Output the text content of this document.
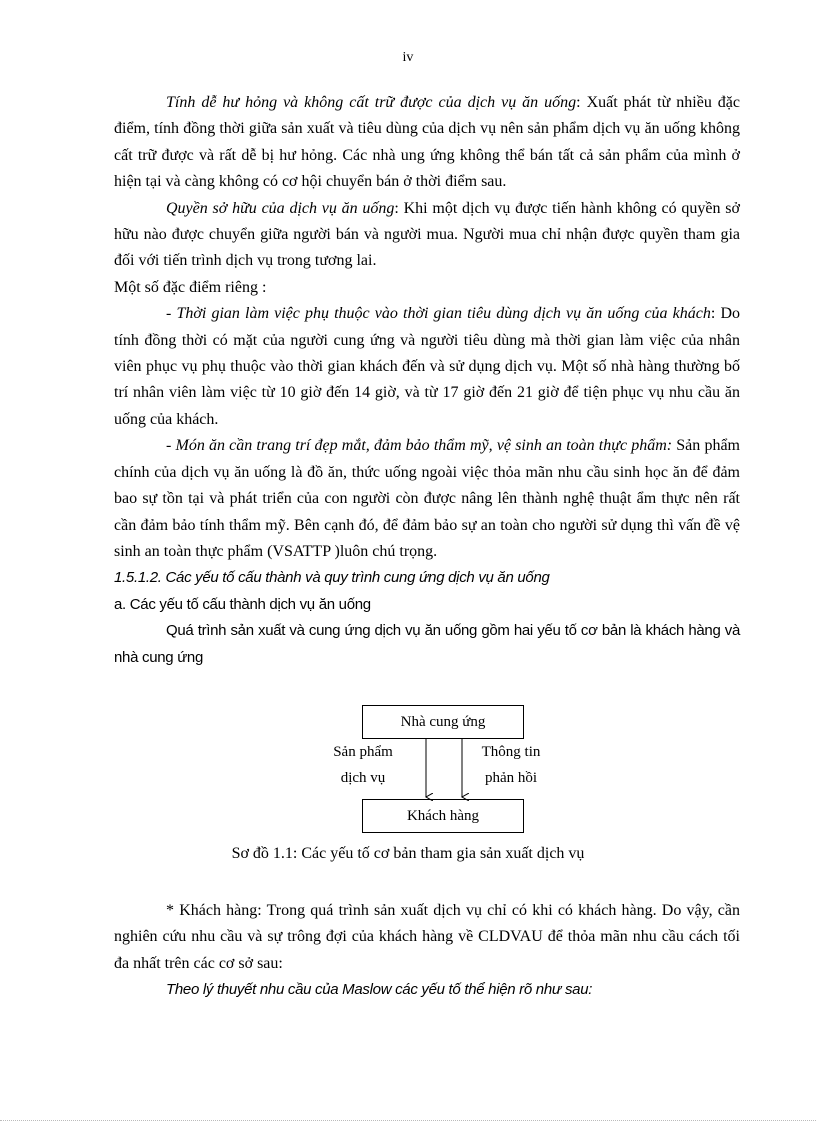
iv

Tính dễ hư hỏng và không cất trữ được của dịch vụ ăn uống: Xuất phát từ nhiều đặc điểm, tính đồng thời giữa sản xuất và tiêu dùng của dịch vụ nên sản phẩm dịch vụ ăn uống không cất trữ được và rất dễ bị hư hỏng. Các nhà ung ứng không thể bán tất cả sản phẩm của mình ở hiện tại và càng không có cơ hội chuyển bán ở thời điểm sau.

Quyền sở hữu của dịch vụ ăn uống: Khi một dịch vụ được tiến hành không có quyền sở hữu nào được chuyển giữa người bán và người mua. Người mua chỉ nhận được quyền tham gia đối với tiến trình dịch vụ trong tương lai.

Một số đặc điểm riêng :

- Thời gian làm việc phụ thuộc vào thời gian tiêu dùng dịch vụ ăn uống của khách: Do tính đồng thời có mặt của người cung ứng và người tiêu dùng mà thời gian làm việc của nhân viên phục vụ phụ thuộc vào thời gian khách đến và sử dụng dịch vụ. Một số nhà hàng thường bố trí nhân viên làm việc từ 10 giờ đến 14 giờ, và từ 17 giờ đến 21 giờ để tiện phục vụ nhu cầu ăn uống của khách.

- Món ăn cần trang trí đẹp mắt, đảm bảo thẩm mỹ, vệ sinh an toàn thực phẩm: Sản phẩm chính của dịch vụ ăn uống là đồ ăn, thức uống ngoài việc thỏa mãn nhu cầu sinh học ăn để đảm bao sự tồn tại và phát triển của con người còn được nâng lên thành nghệ thuật ẩm thực nên rất cần đảm bảo tính thẩm mỹ. Bên cạnh đó, để đảm bảo sự an toàn cho người sử dụng thì vấn đề vệ sinh an toàn thực phẩm (VSATTP )luôn chú trọng.

1.5.1.2. Các yếu tố cấu thành và quy trình cung ứng dịch vụ ăn uống

a. Các yếu tố cấu thành dịch vụ ăn uống

Quá trình sản xuất và cung ứng dịch vụ ăn uống gồm hai yếu tố cơ bản là khách hàng và nhà cung ứng

Nhà cung ứng
Khách hàng
Sản phẩm
dịch vụ
Thông tin
phản hồi
Sơ đồ 1.1: Các yếu tố cơ bản tham gia sản xuất dịch vụ

* Khách hàng: Trong quá trình sản xuất dịch vụ chỉ có khi có khách hàng. Do vậy, cần nghiên cứu nhu cầu và sự trông đợi của khách hàng về CLDVAU để thỏa mãn nhu cầu cách tối đa nhất trên các cơ sở sau:

Theo lý thuyết nhu cầu của Maslow các yếu tố thể hiện rõ như sau:
